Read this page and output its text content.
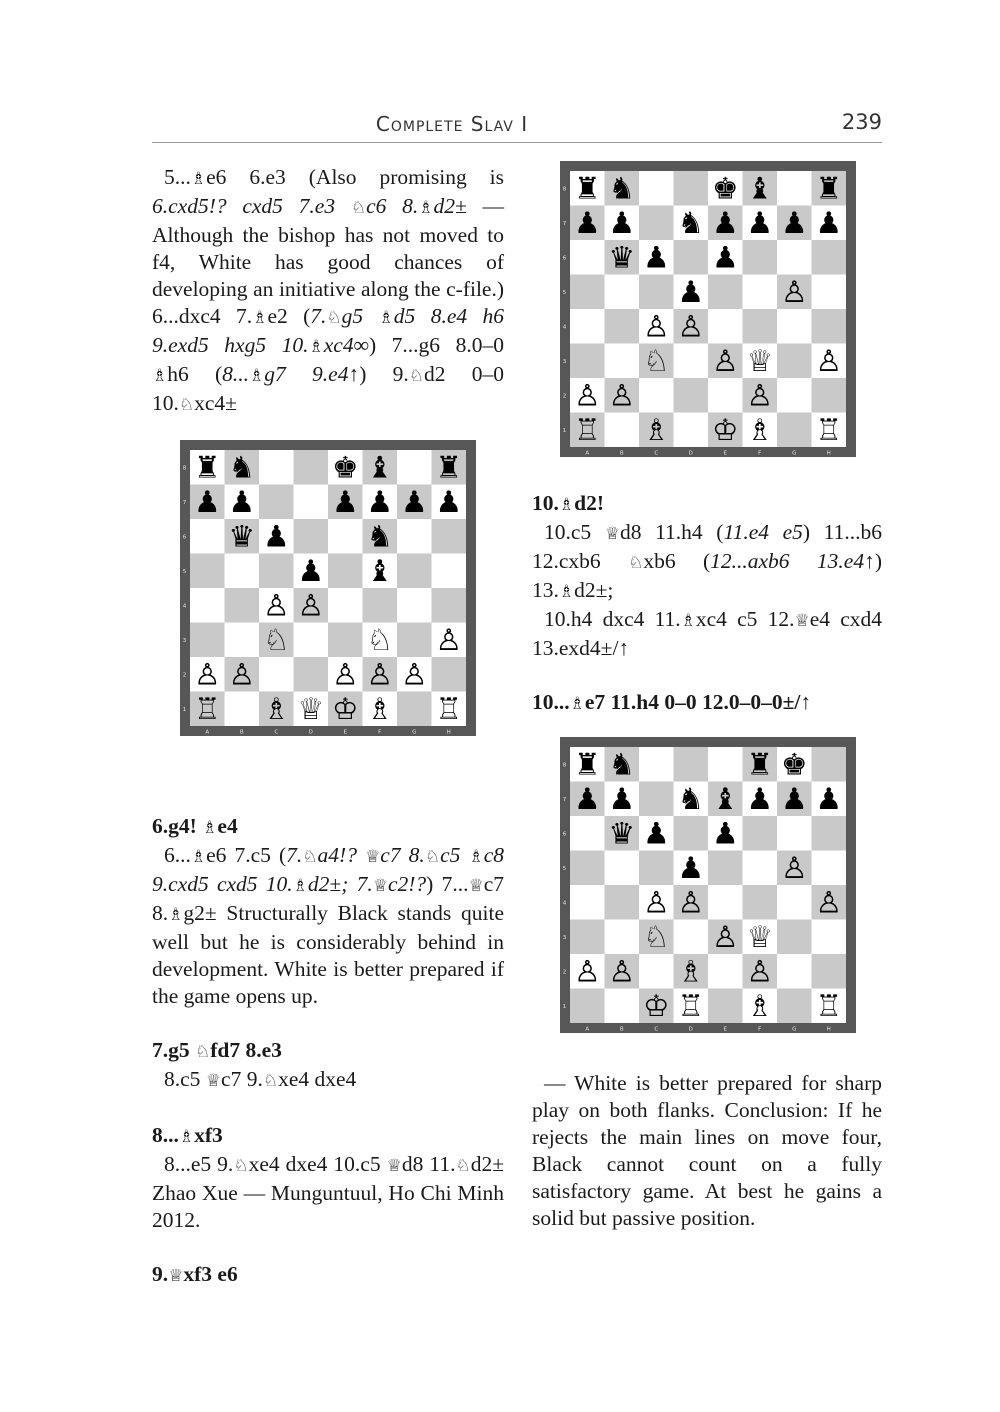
Complete Slav I	239

5...♗e6 6.e3 (Also promising is 6.cxd5!? cxd5 7.e3 ♘c6 8.♗d2± — Although the bishop has not moved to f4, White has good chances of developing an initiative along the c-file.) 6...dxc4 7.♗e2 (7.♘g5 ♗d5 8.e4 h6 9.exd5 hxg5 10.♗xc4∞) 7...g6 8.0–0 ♗h6 (8...♗g7 9.e4↑) 9.♘d2 0–0 10.♘xc4±

6.g4! ♗e4

6...♗e6 7.c5 (7.♘a4!? ♕c7 8.♘c5 ♗c8 9.cxd5 cxd5 10.♗d2±; 7.♕c2!?) 7...♕c7 8.♗g2± Structurally Black stands quite well but he is considerably behind in development. White is better prepared if the game opens up.

7.g5 ♘fd7 8.e3

8.c5 ♕c7 9.♘xe4 dxe4

8...♗xf3

8...e5 9.♘xe4 dxe4 10.c5 ♕d8 11.♘d2± Zhao Xue — Munguntuul, Ho Chi Minh 2012.

9.♕xf3 e6
♜ ♞	♚ ♝ ♜
♟ ♟	♟ ♟ ♟ ♟
♛ ♟	♞
♟ ♝
♙ ♙
♘	♘ ♙
♙ ♙	♙ ♙ ♙
♖ ♗ ♕ ♔ ♗ ♖
A	B	C	D	E	F	G	H
8
7
6
5
4
3
2
1
♜ ♞	♚ ♝ ♜
♟ ♟ ♞ ♟ ♟ ♟ ♟
♛ ♟ ♟
♟	♙
♙ ♙
♘ ♙ ♕ ♙
♙ ♙	♙
♖ ♗ ♔ ♗ ♖
A	B	C	D	E	F	G	H
8
7
6
5
4
3
2
1
♜ ♞	♜ ♚
♟ ♟ ♞ ♝ ♟ ♟ ♟
♛ ♟ ♟
♟	♙
♙ ♙	♙
♘ ♙ ♕
♙ ♙ ♗ ♙
♔ ♖ ♗ ♖
A	B	C	D	E	F	G	H
8
7
6
5
4
3
2
1
10.♗d2!

10.c5 ♕d8 11.h4 (11.e4 e5) 11...b6 12.cxb6 ♘xb6 (12...axb6 13.e4↑) 13.♗d2±;

10.h4 dxc4 11.♗xc4 c5 12.♕e4 cxd4 13.exd4±/↑

10...♗e7 11.h4 0–0 12.0–0–0±/↑

— White is better prepared for sharp play on both flanks. Conclusion: If he rejects the main lines on move four, Black cannot count on a fully satisfactory game. At best he gains a solid but passive position.
